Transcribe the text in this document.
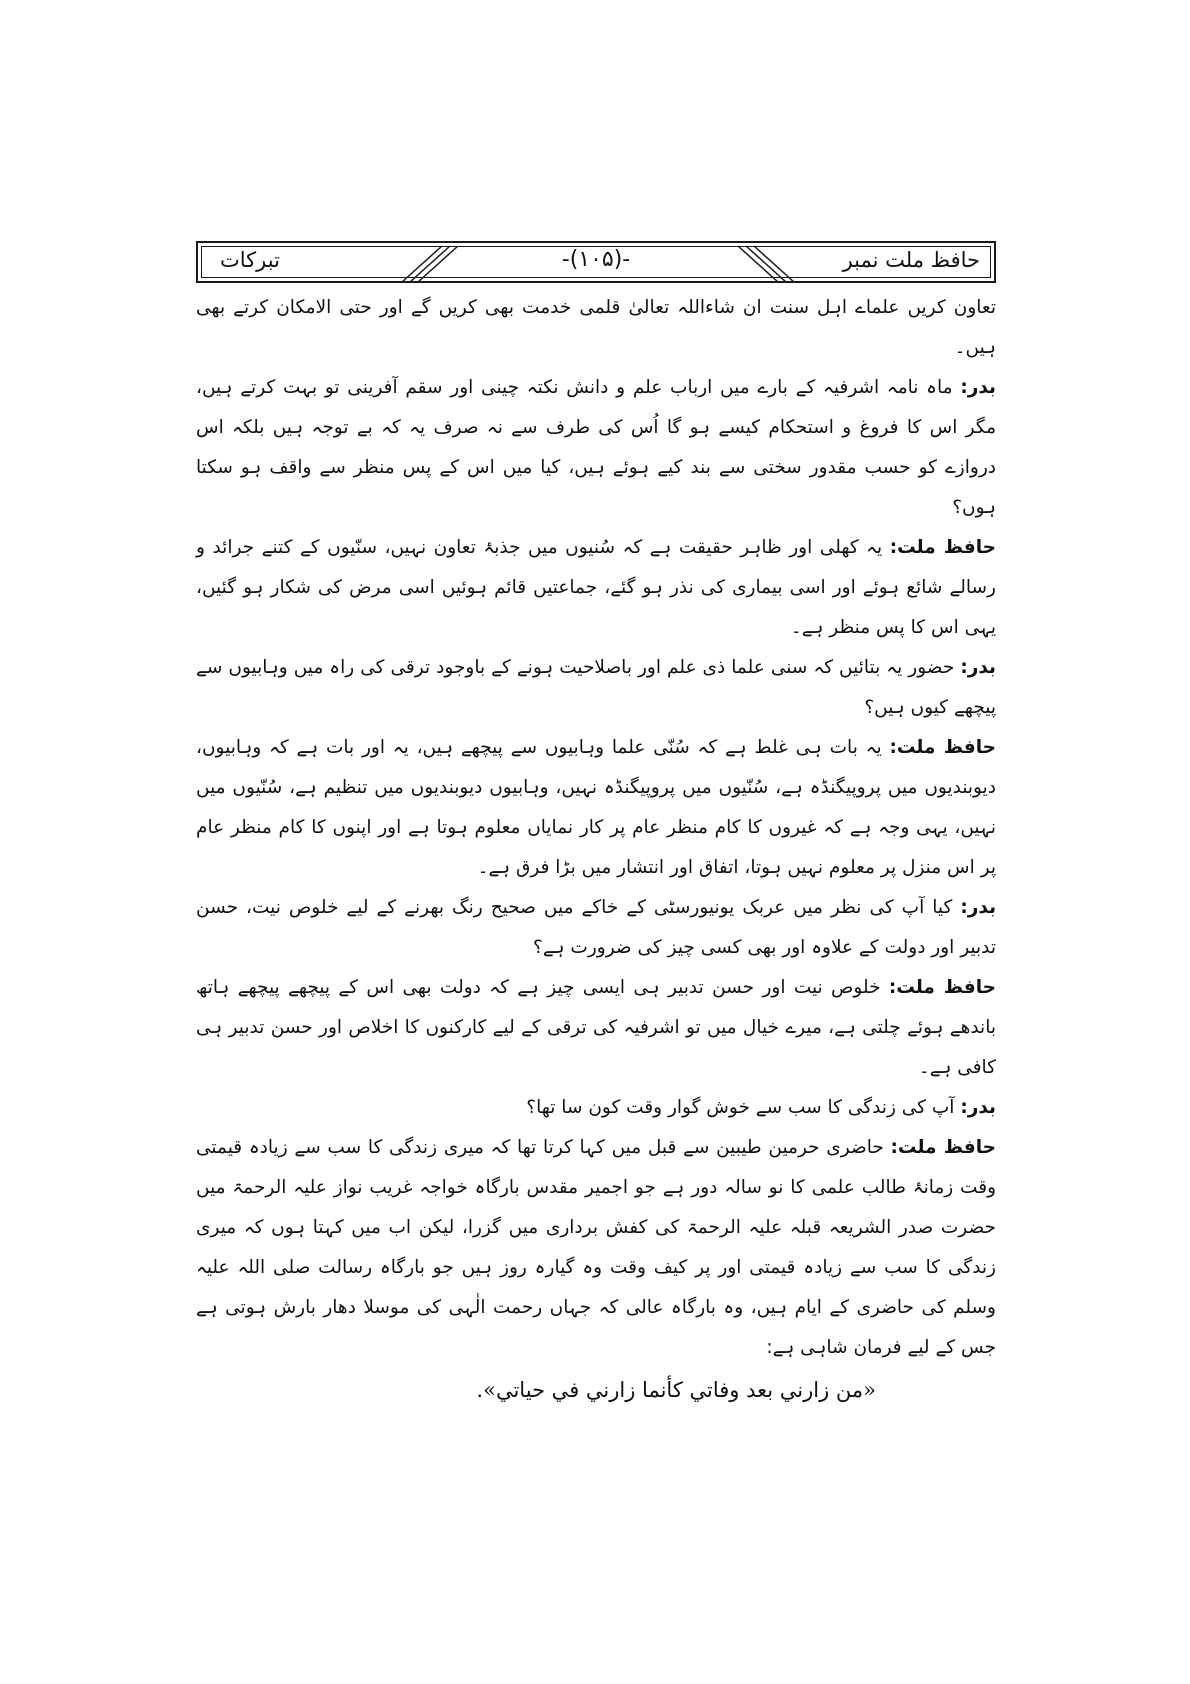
حافظ ملت نمبر
-(۱۰۵)-
تبرکات

تعاون کریں علماے اہل سنت ان شاءاللہ تعالیٰ قلمی خدمت بھی کریں گے اور حتی الامکان کرتے بھی ہیں۔

بدر: ماہ نامہ اشرفیہ کے بارے میں ارباب علم و دانش نکتہ چینی اور سقم آفرینی تو بہت کرتے ہیں، مگر اس کا فروغ و استحکام کیسے ہو گا اُس کی طرف سے نہ صرف یہ کہ بے توجہ ہیں بلکہ اس دروازے کو حسب مقدور سختی سے بند کیے ہوئے ہیں، کیا میں اس کے پس منظر سے واقف ہو سکتا ہوں؟

حافظ ملت: یہ کھلی اور ظاہر حقیقت ہے کہ سُنیوں میں جذبۂ تعاون نہیں، سنّیوں کے کتنے جرائد و رسالے شائع ہوئے اور اسی بیماری کی نذر ہو گئے، جماعتیں قائم ہوئیں اسی مرض کی شکار ہو گئیں، یہی اس کا پس منظر ہے۔

بدر: حضور یہ بتائیں کہ سنی علما ذی علم اور باصلاحیت ہونے کے باوجود ترقی کی راہ میں وہابیوں سے پیچھے کیوں ہیں؟

حافظ ملت: یہ بات ہی غلط ہے کہ سُنّی علما وہابیوں سے پیچھے ہیں، یہ اور بات ہے کہ وہابیوں، دیوبندیوں میں پروپیگنڈہ ہے، سُنّیوں میں پروپیگنڈہ نہیں، وہابیوں دیوبندیوں میں تنظیم ہے، سُنّیوں میں نہیں، یہی وجہ ہے کہ غیروں کا کام منظر عام پر کار نمایاں معلوم ہوتا ہے اور اپنوں کا کام منظر عام پر اس منزل پر معلوم نہیں ہوتا، اتفاق اور انتشار میں بڑا فرق ہے۔

بدر: کیا آپ کی نظر میں عربک یونیورسٹی کے خاکے میں صحیح رنگ بھرنے کے لیے خلوص نیت، حسن تدبیر اور دولت کے علاوہ اور بھی کسی چیز کی ضرورت ہے؟

حافظ ملت: خلوص نیت اور حسن تدبیر ہی ایسی چیز ہے کہ دولت بھی اس کے پیچھے پیچھے ہاتھ باندھے ہوئے چلتی ہے، میرے خیال میں تو اشرفیہ کی ترقی کے لیے کارکنوں کا اخلاص اور حسن تدبیر ہی کافی ہے۔

بدر: آپ کی زندگی کا سب سے خوش گوار وقت کون سا تھا؟

حافظ ملت: حاضری حرمین طیبین سے قبل میں کہا کرتا تھا کہ میری زندگی کا سب سے زیادہ قیمتی وقت زمانۂ طالب علمی کا نو سالہ دور ہے جو اجمیر مقدس بارگاہ خواجہ غریب نواز علیہ الرحمۃ میں حضرت صدر الشریعہ قبلہ علیہ الرحمۃ کی کفش برداری میں گزرا، لیکن اب میں کہتا ہوں کہ میری زندگی کا سب سے زیادہ قیمتی اور پر کیف وقت وہ گیارہ روز ہیں جو بارگاہ رسالت صلی اللہ علیہ وسلم کی حاضری کے ایام ہیں، وہ بارگاہ عالی کہ جہاں رحمت الٰہی کی موسلا دھار بارش ہوتی ہے جس کے لیے فرمان شاہی ہے:

«من زارني بعد وفاتي كأنما زارني في حياتي».
